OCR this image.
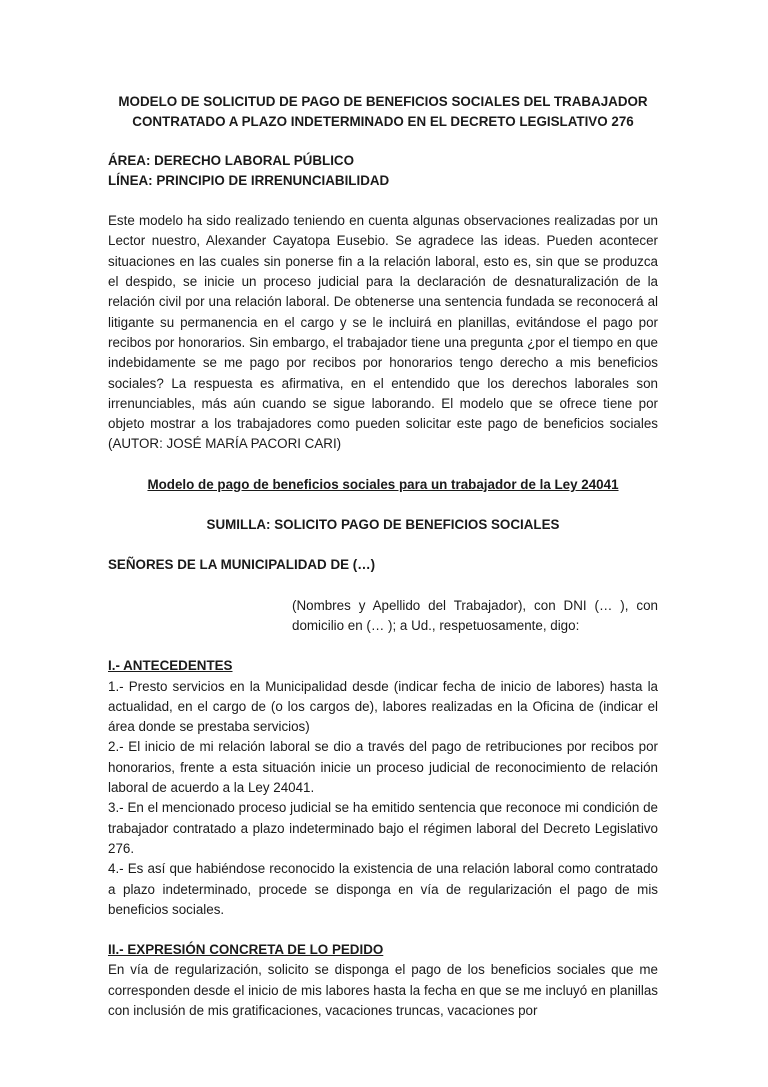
MODELO DE SOLICITUD DE PAGO DE BENEFICIOS SOCIALES DEL TRABAJADOR
CONTRATADO A PLAZO INDETERMINADO EN EL DECRETO LEGISLATIVO 276
ÁREA: DERECHO LABORAL PÚBLICO
LÍNEA: PRINCIPIO DE IRRENUNCIABILIDAD

Este modelo ha sido realizado teniendo en cuenta algunas observaciones realizadas por un Lector nuestro, Alexander Cayatopa Eusebio. Se agradece las ideas. Pueden acontecer situaciones en las cuales sin ponerse fin a la relación laboral, esto es, sin que se produzca el despido, se inicie un proceso judicial para la declaración de desnaturalización de la relación civil por una relación laboral. De obtenerse una sentencia fundada se reconocerá al litigante su permanencia en el cargo y se le incluirá en planillas, evitándose el pago por recibos por honorarios. Sin embargo, el trabajador tiene una pregunta ¿por el tiempo en que indebidamente se me pago por recibos por honorarios tengo derecho a mis beneficios sociales? La respuesta es afirmativa, en el entendido que los derechos laborales son irrenunciables, más aún cuando se sigue laborando. El modelo que se ofrece tiene por objeto mostrar a los trabajadores como pueden solicitar este pago de beneficios sociales (AUTOR: JOSÉ MARÍA PACORI CARI)

Modelo de pago de beneficios sociales para un trabajador de la Ley 24041
SUMILLA: SOLICITO PAGO DE BENEFICIOS SOCIALES
SEÑORES DE LA MUNICIPALIDAD DE (…)
(Nombres y Apellido del Trabajador), con DNI (… ), con domicilio en (… ); a Ud., respetuosamente, digo:
I.- ANTECEDENTES

1.- Presto servicios en la Municipalidad desde (indicar fecha de inicio de labores) hasta la actualidad, en el cargo de (o los cargos de), labores realizadas en la Oficina de (indicar el área donde se prestaba servicios)

2.- El inicio de mi relación laboral se dio a través del pago de retribuciones por recibos por honorarios, frente a esta situación inicie un proceso judicial de reconocimiento de relación laboral de acuerdo a la Ley 24041.

3.- En el mencionado proceso judicial se ha emitido sentencia que reconoce mi condición de trabajador contratado a plazo indeterminado bajo el régimen laboral del Decreto Legislativo 276.

4.- Es así que habiéndose reconocido la existencia de una relación laboral como contratado a plazo indeterminado, procede se disponga en vía de regularización el pago de mis beneficios sociales.

II.- EXPRESIÓN CONCRETA DE LO PEDIDO

En vía de regularización, solicito se disponga el pago de los beneficios sociales que me corresponden desde el inicio de mis labores hasta la fecha en que se me incluyó en planillas con inclusión de mis gratificaciones, vacaciones truncas, vacaciones por
